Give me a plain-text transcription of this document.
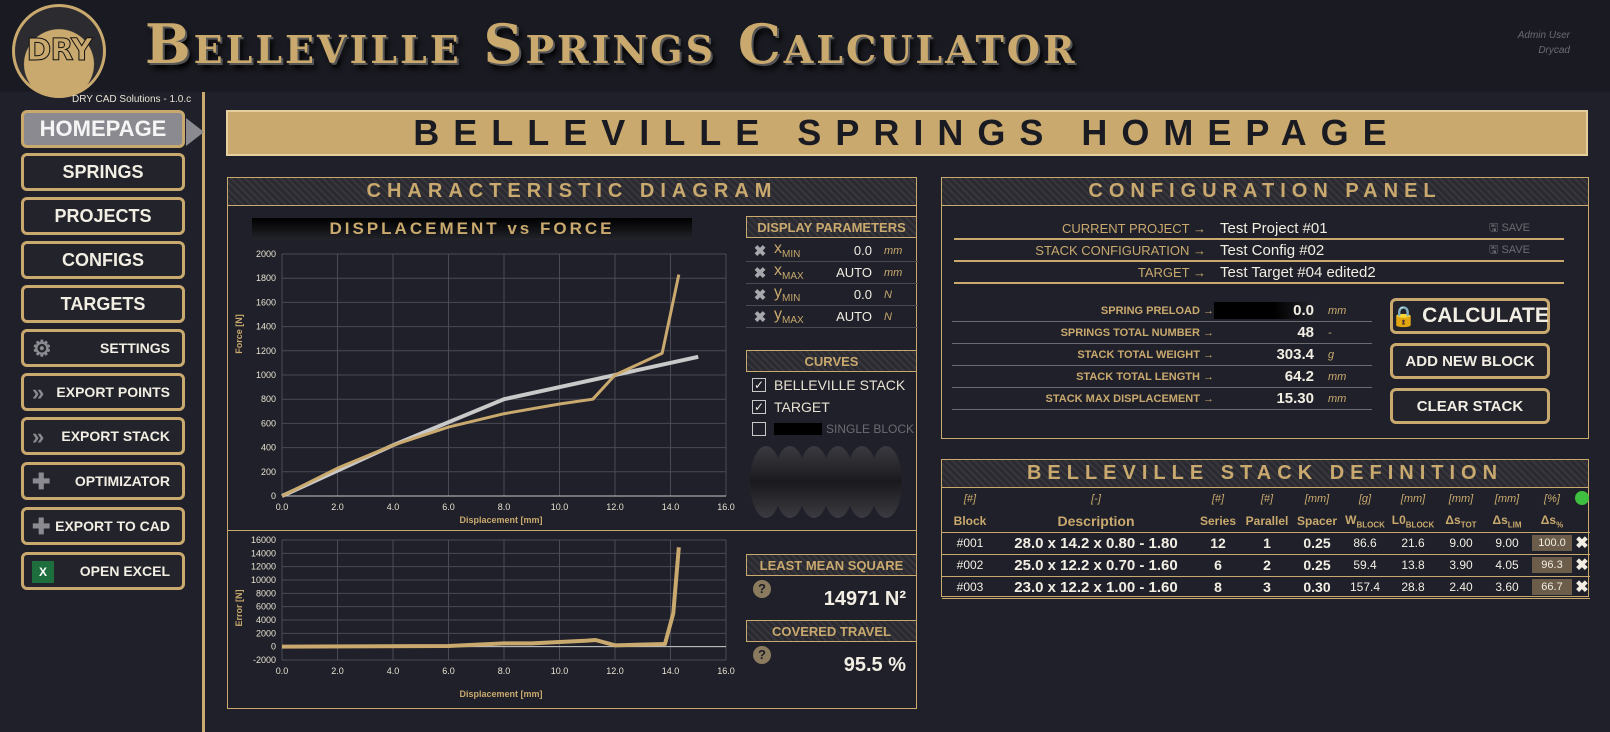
DRY Belleville Springs Calculator	Admin User
Drycad
DRY CAD Solutions - 1.0.c
HOMEPAGE
SPRINGS
PROJECTS
CONFIGS
TARGETS
⚙	SETTINGS
» EXPORT POINTS
»	EXPORT STACK
✚	OPTIMIZATOR
✚ EXPORT TO CAD
X	OPEN EXCEL
BELLEVILLE SPRINGS HOMEPAGE
CHARACTERISTIC DIAGRAM
DISPLACEMENT vs FORCE
0.0	2.0	4.0	6.0	8.0	10.0	12.0	14.0	16.0
0
200
400
600
800
1000
1200
1400
1600
1800
2000
Displacement [mm]
Force [N]
0.0	2.0	4.0	6.0	8.0	10.0	12.0	14.0	16.0
-2000
0
2000
4000
6000
8000
10000
12000
14000
16000
Displacement [mm]
Error [N]
DISPLAY PARAMETERS
✖ $x_{MIN}$	0.0	mm
✖ $x_{MAX}$	AUTO	mm
✖ $y_{MIN}$	0.0	N
✖ $y_{MAX}$	AUTO	N
CURVES
✓ BELLEVILLE STACK
✓ TARGET
SINGLE BLOCK
LEAST MEAN SQUARE
?	14971 N²
COVERED TRAVEL
?	95.5 %
CONFIGURATION PANEL
CURRENT PROJECT → Test Project #01	🖫 SAVE
STACK CONFIGURATION → Test Config #02	🖫 SAVE
TARGET → Test Target #04 edited2
SPRING PRELOAD →	0.0	mm
SPRINGS TOTAL NUMBER →	48	-
STACK TOTAL WEIGHT →	303.4	g
STACK TOTAL LENGTH →	64.2	mm
STACK MAX DISPLACEMENT →	15.30	mm
🔒 CALCULATE
ADD NEW BLOCK
CLEAR STACK
BELLEVILLE STACK DEFINITION
[#]	[-]	[#]	[#]	[mm]	[g]	[mm]	[mm]	[mm]	[%]	
Block	Description	Series	Parallel	Spacer	$W_{BLOCK}$	$L0_{BLOCK}$	$\Delta s_{TOT}$	$\Delta s_{LIM}$	$\Delta s_{\%}$	
#001	28.0 x 14.2 x 0.80 - 1.80	12	1	0.25	86.6	21.6	9.00	9.00	100.0	✖
#002	25.0 x 12.2 x 0.70 - 1.60	6	2	0.25	59.4	13.8	3.90	4.05	96.3	✖
#003	23.0 x 12.2 x 1.00 - 1.60	8	3	0.30	157.4	28.8	2.40	3.60	66.7	✖
